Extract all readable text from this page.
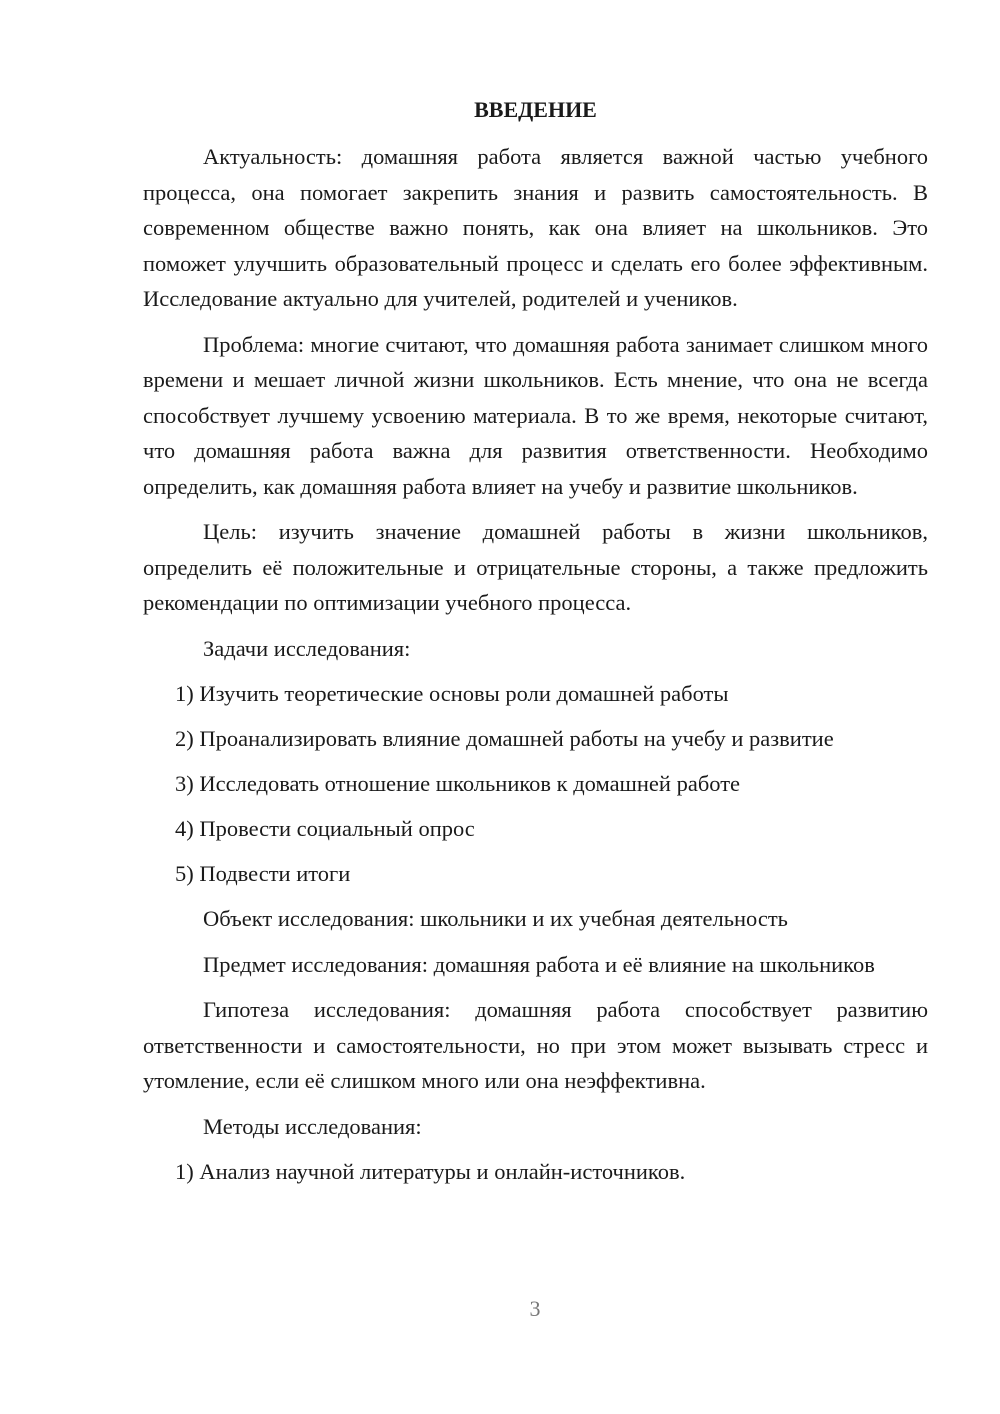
ВВЕДЕНИЕ

Актуальность: домашняя работа является важной частью учебного процесса, она помогает закрепить знания и развить самостоятельность. В современном обществе важно понять, как она влияет на школьников. Это поможет улучшить образовательный процесс и сделать его более эффективным. Исследование актуально для учителей, родителей и учеников.

Проблема: многие считают, что домашняя работа занимает слишком много времени и мешает личной жизни школьников. Есть мнение, что она не всегда способствует лучшему усвоению материала. В то же время, некоторые считают, что домашняя работа важна для развития ответственности. Необходимо определить, как домашняя работа влияет на учебу и развитие школьников.

Цель: изучить значение домашней работы в жизни школьников, определить её положительные и отрицательные стороны, а также предложить рекомендации по оптимизации учебного процесса.

Задачи исследования:

1) Изучить теоретические основы роли домашней работы
2) Проанализировать влияние домашней работы на учебу и развитие
3) Исследовать отношение школьников к домашней работе
4) Провести социальный опрос
5) Подвести итоги

Объект исследования: школьники и их учебная деятельность

Предмет исследования: домашняя работа и её влияние на школьников

Гипотеза исследования: домашняя работа способствует развитию ответственности и самостоятельности, но при этом может вызывать стресс и утомление, если её слишком много или она неэффективна.

Методы исследования:

1) Анализ научной литературы и онлайн-источников.
3
